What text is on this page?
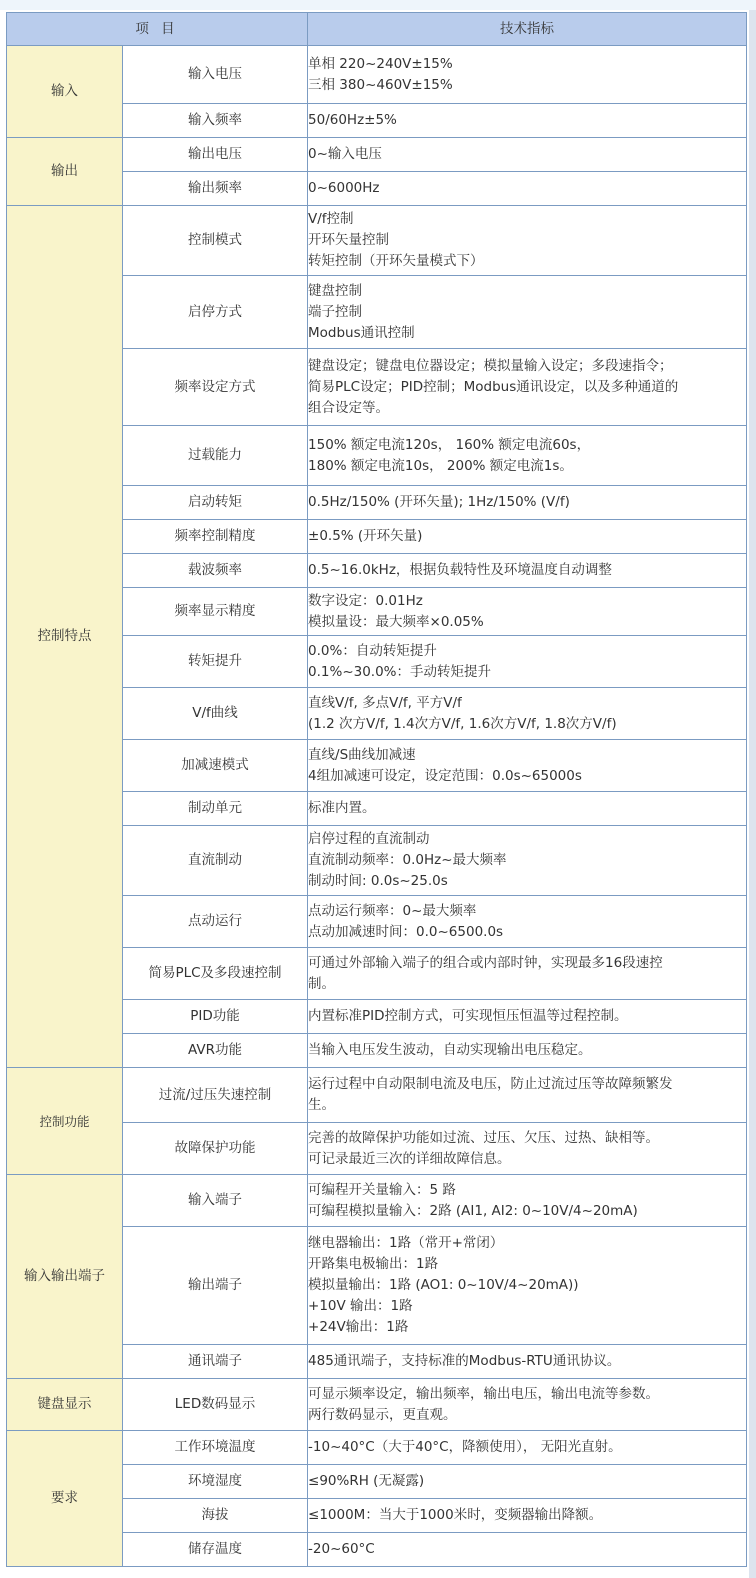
项 目		技术指标
输入	输入电压	单相 220~240V±15%
三相 380~460V±15%

	输入频率	50/60Hz±5%

输出	输出电压	0~输入电压

	输出频率	0~6000Hz

控制特点	控制模式	V/f控制
开环矢量控制
转矩控制（开环矢量模式下）

	启停方式	键盘控制
端子控制
Modbus通讯控制

	频率设定方式	键盘设定；键盘电位器设定；模拟量输入设定；多段速指令；
简易PLC设定；PID控制；Modbus通讯设定，以及多种通道的
组合设定等。

	过载能力	150% 额定电流120s， 160% 额定电流60s，
180% 额定电流10s， 200% 额定电流1s。

	启动转矩	0.5Hz/150% (开环矢量); 1Hz/150% (V/f)

	频率控制精度	±0.5% (开环矢量)

	载波频率	0.5~16.0kHz，根据负载特性及环境温度自动调整

	频率显示精度	数字设定：0.01Hz
模拟量设：最大频率×0.05%

	转矩提升	0.0%：自动转矩提升
0.1%~30.0%：手动转矩提升

	V/f曲线	直线V/f, 多点V/f, 平方V/f
(1.2 次方V/f, 1.4次方V/f, 1.6次方V/f, 1.8次方V/f)

	加减速模式	直线/S曲线加减速
4组加减速可设定，设定范围：0.0s~65000s

	制动单元	标准内置。

	直流制动	启停过程的直流制动
直流制动频率：0.0Hz~最大频率
制动时间: 0.0s~25.0s

	点动运行	点动运行频率：0~最大频率
点动加减速时间：0.0~6500.0s

	简易PLC及多段速控制	可通过外部输入端子的组合或内部时钟，实现最多16段速控
制。

	PID功能	内置标准PID控制方式，可实现恒压恒温等过程控制。

	AVR功能	当输入电压发生波动，自动实现输出电压稳定。

控制功能	过流/过压失速控制	运行过程中自动限制电流及电压，防止过流过压等故障频繁发
生。

	故障保护功能	完善的故障保护功能如过流、过压、欠压、过热、缺相等。
可记录最近三次的详细故障信息。

输入输出端子	输入端子	可编程开关量输入：5 路
可编程模拟量输入：2路 (AI1, AI2: 0~10V/4~20mA)

	输出端子	继电器输出：1路（常开+常闭）
开路集电极输出：1路
模拟量输出：1路 (AO1: 0~10V/4~20mA))
+10V 输出：1路
+24V输出：1路

	通讯端子	485通讯端子，支持标准的Modbus-RTU通讯协议。

键盘显示	LED数码显示	可显示频率设定，输出频率，输出电压，输出电流等参数。
两行数码显示，更直观。

要求	工作环境温度	-10~40°C（大于40°C，降额使用）， 无阳光直射。

	环境湿度	≤90%RH (无凝露)

	海拔	≤1000M：当大于1000米时，变频器输出降额。

	储存温度	-20~60°C
